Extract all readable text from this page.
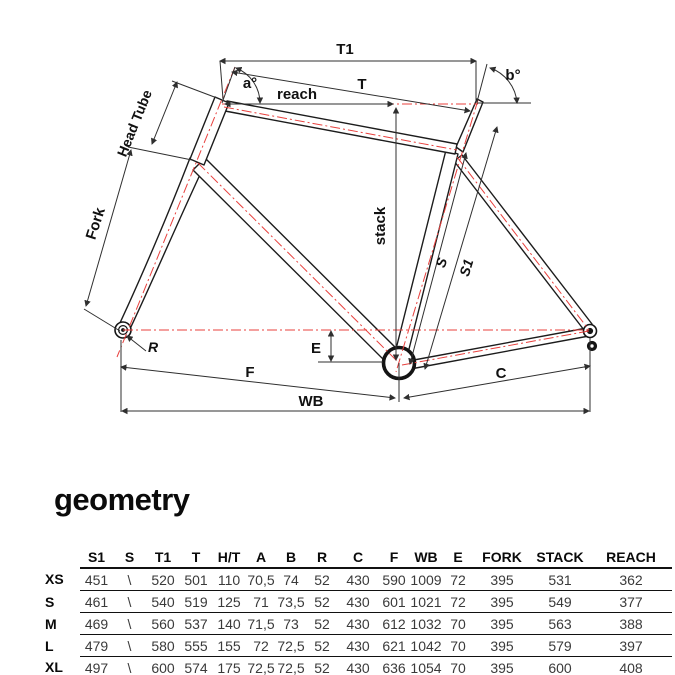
T1
T
a°	b°
reach
stack
Head Tube
Fork
S S1
R	E
F	C
WB
geometry
	S1	S	T1	T	H/T	A	B	R	C	F	WB	E	FORK	STACK	REACH
XS	451	\	520	501	110	70,5	74	52	430	590	1009	72	395	531	362
S	461	\	540	519	125	71	73,5	52	430	601	1021	72	395	549	377
M	469	\	560	537	140	71,5	73	52	430	612	1032	70	395	563	388
L	479	\	580	555	155	72	72,5	52	430	621	1042	70	395	579	397
XL	497	\	600	574	175	72,5	72,5	52	430	636	1054	70	395	600	408
